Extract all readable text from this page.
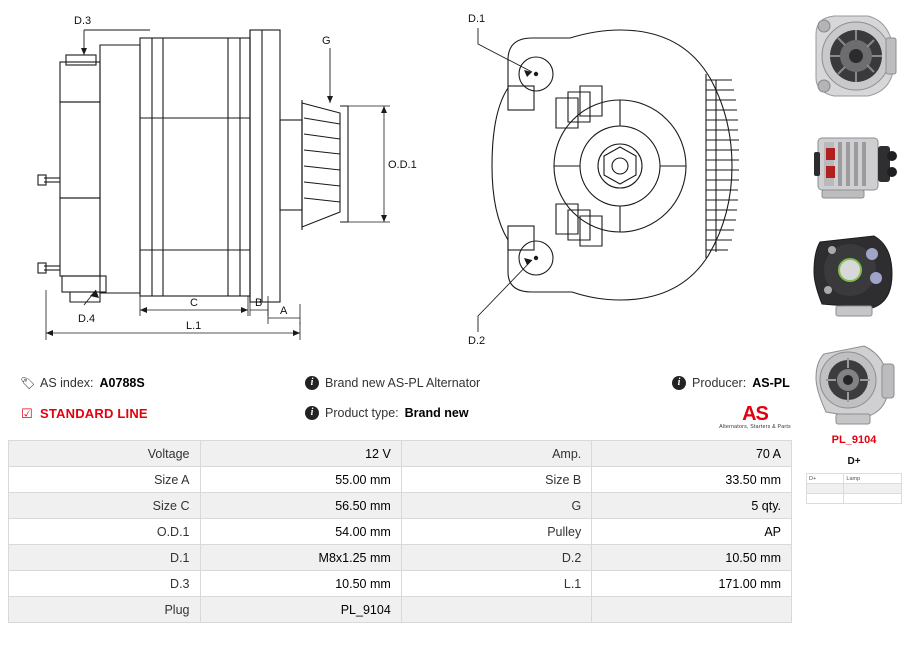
D.3
G
O.D.1
C	B
A
D.4
L.1
D.1
D.2
🏷 AS index: A0788S
☑ STANDARD LINE
i Brand new AS-PL Alternator
i Product type: Brand new
i Producer: AS-PL
AS
Alternators, Starters & Parts
Voltage	12 V	Amp.	70 A
Size A	55.00 mm	Size B	33.50 mm
Size C	56.50 mm	G	5 qty.
O.D.1	54.00 mm	Pulley	AP
D.1	M8x1.25 mm	D.2	10.50 mm
D.3	10.50 mm	L.1	171.00 mm
Plug	PL_9104		
PL_9104
D+
D+	Lamp
